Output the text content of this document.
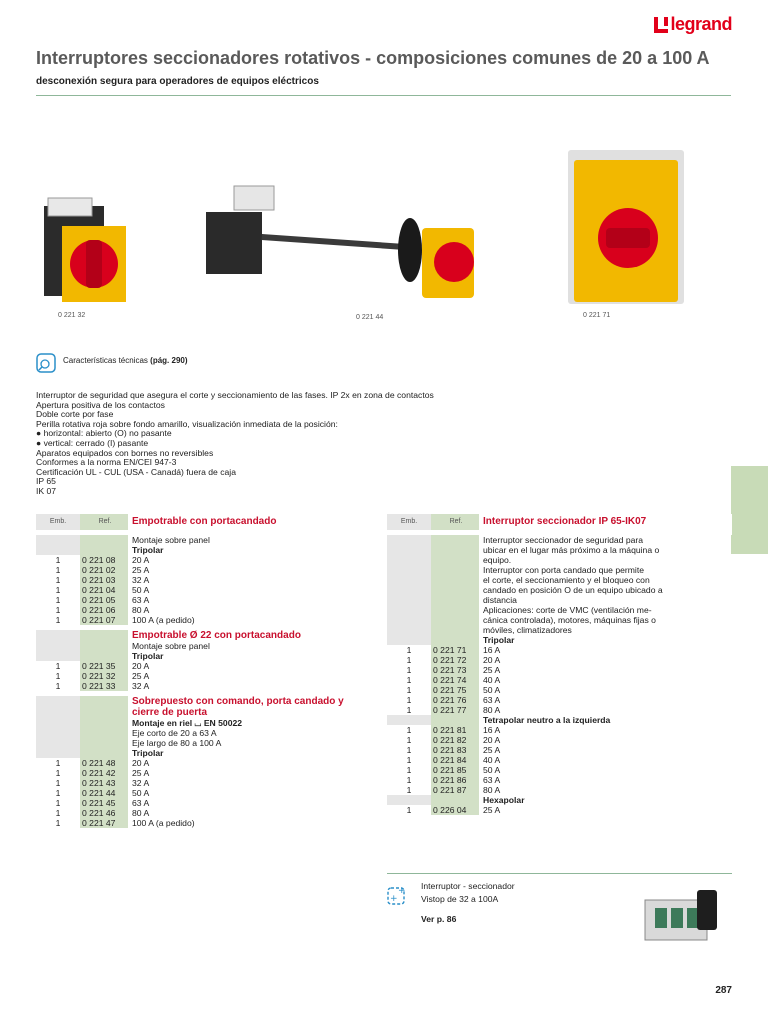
legrand
Interruptores seccionadores rotativos - composiciones comunes de 20 a 100 A
desconexión segura para operadores de equipos eléctricos
0 221 32	0 221 44	0 221 71
Características técnicas (pág. 290)
Interruptor de seguridad que asegura el corte y seccionamiento de las fases. IP 2x en zona de contactos
Apertura positiva de los contactos
Doble corte por fase
Perilla rotativa roja sobre fondo amarillo, visualización inmediata de la posición:
● horizontal: abierto (O) no pasante
● vertical: cerrado (I) pasante
Aparatos equipados con bornes no reversibles
Conformes a la norma EN/CEI 947-3
Certificación UL - CUL (USA - Canadá) fuera de caja
IP 65
IK 07
Emb.	Ref.	Empotrable con portacandado

		Montaje sobre panel
		Tripolar
1	0 221 08	20 A
1	0 221 02	25 A
1	0 221 03	32 A
1	0 221 04	50 A
1	0 221 05	63 A
1	0 221 06	80 A
1	0 221 07	100 A (a pedido)

		Empotrable Ø 22 con portacandado
		Montaje sobre panel
		Tripolar
1	0 221 35	20 A
1	0 221 32	25 A
1	0 221 33	32 A

		Sobrepuesto con comando, porta candado y cierre de puerta
		Montaje en riel ⌴ EN 50022
		Eje corto de 20 a 63 A
		Eje largo de 80 a 100 A
		Tripolar
1	0 221 48	20 A
1	0 221 42	25 A
1	0 221 43	32 A
1	0 221 44	50 A
1	0 221 45	63 A
1	0 221 46	80 A
1	0 221 47	100 A (a pedido)
Emb.	Ref.	Interruptor seccionador IP 65-IK07

		Interruptor seccionador de seguridad para
		ubicar en el lugar más próximo a la máquina o
		equipo.
		Interruptor con porta candado que permite
		el corte, el seccionamiento y el bloqueo con
		candado en posición O de un equipo ubicado a
		distancia
		Aplicaciones: corte de VMC (ventilación me-
		cánica controlada), motores, máquinas fijas o
		móviles, climatizadores
		Tripolar
1	0 221 71	16 A
1	0 221 72	20 A
1	0 221 73	25 A
1	0 221 74	40 A
1	0 221 75	50 A
1	0 221 76	63 A
1	0 221 77	80 A
		Tetrapolar neutro a la izquierda
1	0 221 81	16 A
1	0 221 82	20 A
1	0 221 83	25 A
1	0 221 84	40 A
1	0 221 85	50 A
1	0 221 86	63 A
1	0 221 87	80 A
		Hexapolar
1	0 226 04	25 A
+
+
Interruptor - seccionador
Vistop de 32 a 100A
Ver p. 86
287
